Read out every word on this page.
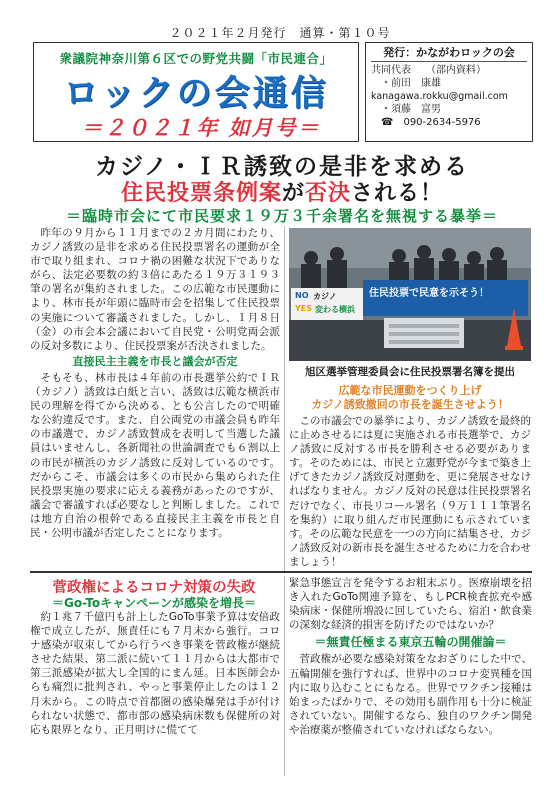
２０２１年２月発行　通算・第１０号
衆議院神奈川第６区での野党共闘「市民連合」
ロックの会通信
＝２０２１年 如月号＝
発行：かながわロックの会
共同代表　　（部内資料）
・前田　康雄
kanagawa.rokku@gmail.com
・須藤　富男
☎　090-2634-5976
カジノ・ＩＲ誘致の是非を求める
住民投票条例案が否決される！
＝臨時市会にて市民要求１９万３千余署名を無視する暴挙＝

昨年の９月から１１月までの２カ月間にわたり、カジノ誘致の是非を求める住民投票署名の運動が全市で取り組まれ、コロナ禍の困難な状況下でありながら、法定必要数の約３倍にあたる１９万３１９３筆の署名が集約されました。この広範な市民運動により、林市長が年頭に臨時市会を招集して住民投票の実施について審議されました。しかし、１月８日（金）の市会本会議において自民党・公明党両会派の反対多数により、住民投票案が否決されました。

直接民主主義を市長と議会が否定

そもそも、林市長は４年前の市長選挙公約でＩＲ（カジノ）誘致は白紙と言い、誘致は広範な横浜市民の理解を得てから決める、とも公言したので明確な公約違反です。また、自公両党の市議会員も昨年の市議選で、カジノ誘致賛成を表明して当選した議員はいませんし、各新聞社の世論調査でも６割以上の市民が横浜のカジノ誘致に反対しているのです。だからこそ、市議会は多くの市民から集められた住民投票実施の要求に応える義務があったのですが、議会で審議すれば必要なしと判断しました。これでは地方自治の根幹である直接民主主義を市長と自民・公明市議が否定したことになります。

NO カジノ
YES 変わる横浜
住民投票で民意を示そう！
旭区選挙管理委員会に住民投票署名簿を提出
広範な市民運動をつくり上げ
カジノ誘致撤回の市長を誕生させよう！

この市議会での暴挙により、カジノ誘致を最終的に止めさせるには夏に実施される市長選挙で、カジノ誘致に反対する市長を勝利させる必要があります。そのためには、市民と立憲野党が今まで築き上げてきたカジノ誘致反対運動を、更に発展させなければなりません。カジノ反対の民意は住民投票署名だけでなく、市長リコール署名（９万１１１筆署名を集約）に取り組んだ市民運動にも示されています。その広範な民意を一つの方向に結集させ、カジノ誘致反対の新市長を誕生させるために力を合わせましょう！

菅政権によるコロナ対策の失政
＝Go-Toキャンペーンが感染を増長＝

約１兆７千億円も計上したGoTo事業予算は安倍政権で成立したが、無責任にも７月末から強行。コロナ感染が収束してから行うべき事業を菅政権が継続させた結果、第二派に続いて１１月からは大都市で第三派感染が拡大し全国的にまん延。日本医師会からも痛烈に批判され、やっと事業停止したのは１２月末から。この時点で首都圏の感染爆発は手が付けられない状態で、都市部の感染病床数も保健所の対応も限界となり、正月明けに慌てて

緊急事態宣言を発令するお粗末ぶり。医療崩壊を招き入れたGoTo関連予算を、もしPCR検査拡充や感染病床・保健所増設に回していたら、宿泊・飲食業の深刻な経済的損害を防げたのではないか？

＝無責任極まる東京五輪の開催論＝

菅政権が必要な感染対策をなおざりにした中で、五輪開催を強行すれば、世界中のコロナ変異種を国内に取り込むことにもなる。世界でワクチン接種は始まったばかりで、その効用も副作用も十分に検証されていない。開催するなら、独自のワクチン開発や治療薬が整備されていなければならない。
